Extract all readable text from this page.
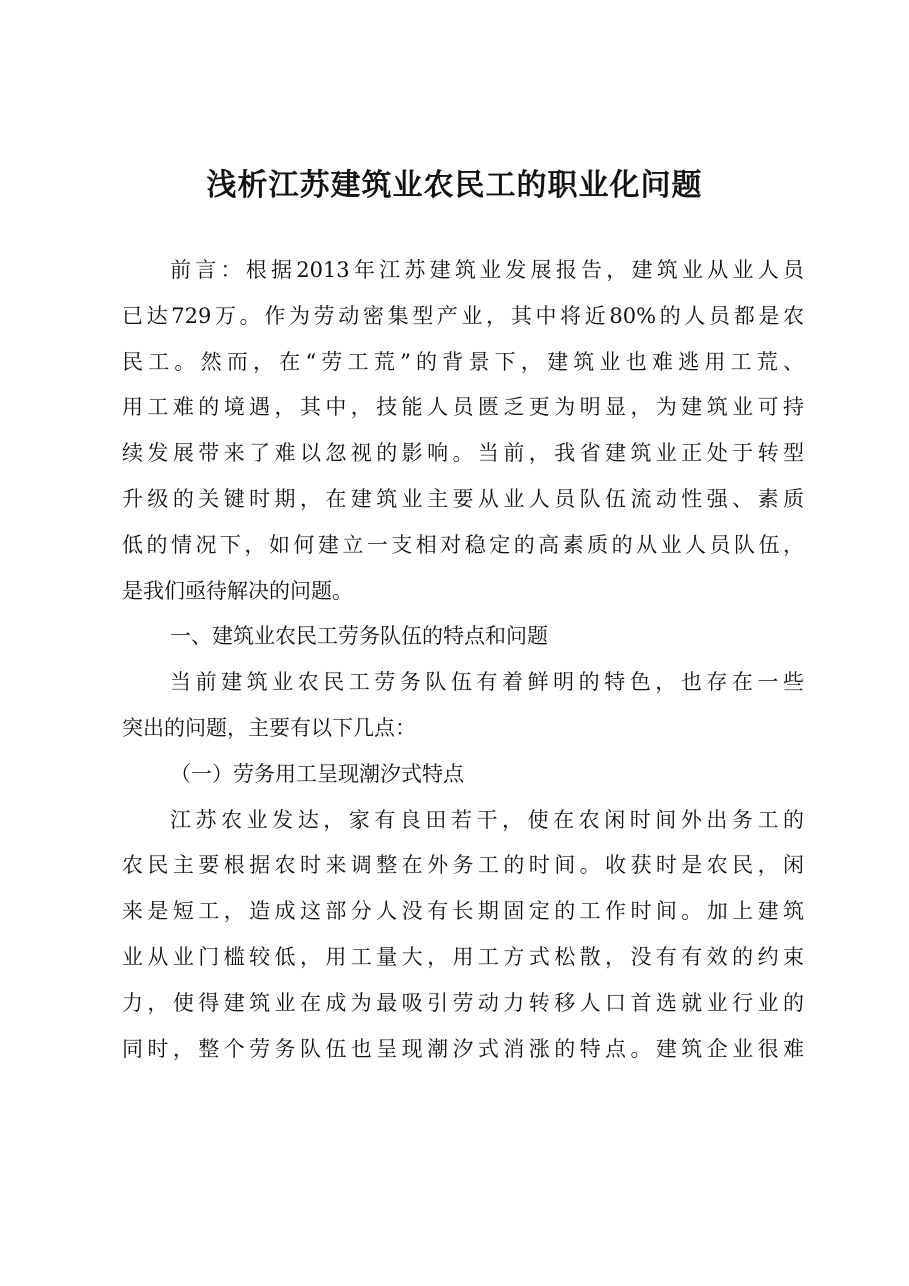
浅析江苏建筑业农民工的职业化问题
前言：根据2013年江苏建筑业发展报告，建筑业从业人员
已达729万。作为劳动密集型产业，其中将近80%的人员都是农
民工。然而，在“劳工荒”的背景下，建筑业也难逃用工荒、
用工难的境遇，其中，技能人员匮乏更为明显，为建筑业可持
续发展带来了难以忽视的影响。当前，我省建筑业正处于转型
升级的关键时期，在建筑业主要从业人员队伍流动性强、素质
低的情况下，如何建立一支相对稳定的高素质的从业人员队伍，
是我们亟待解决的问题。
一、建筑业农民工劳务队伍的特点和问题
当前建筑业农民工劳务队伍有着鲜明的特色，也存在一些
突出的问题，主要有以下几点：
（一）劳务用工呈现潮汐式特点
江苏农业发达，家有良田若干，使在农闲时间外出务工的
农民主要根据农时来调整在外务工的时间。收获时是农民，闲
来是短工，造成这部分人没有长期固定的工作时间。加上建筑
业从业门槛较低，用工量大，用工方式松散，没有有效的约束
力，使得建筑业在成为最吸引劳动力转移人口首选就业行业的
同时，整个劳务队伍也呈现潮汐式消涨的特点。建筑企业很难
